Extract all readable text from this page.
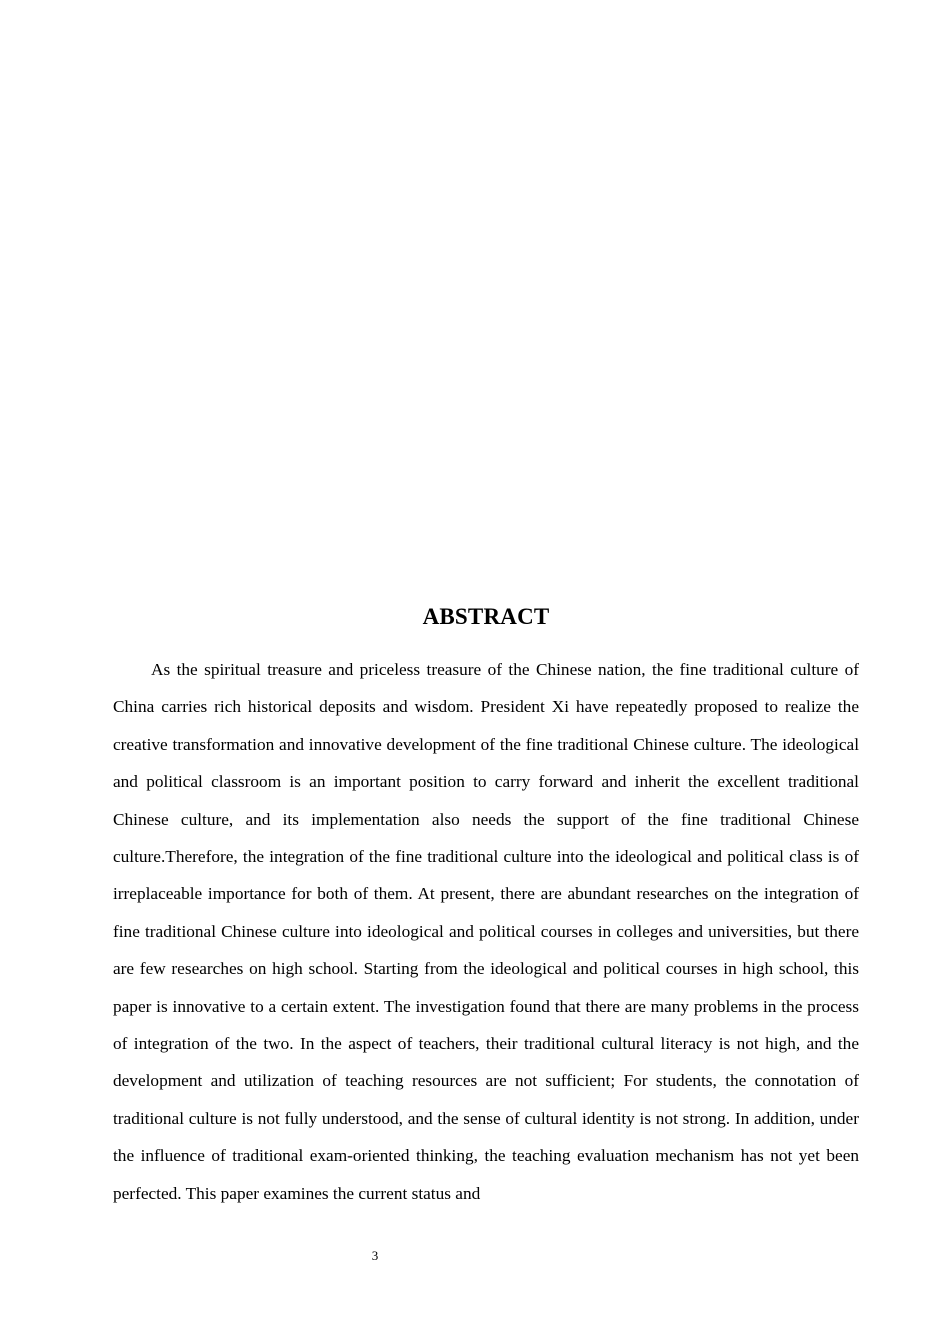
ABSTRACT

As the spiritual treasure and priceless treasure of the Chinese nation, the fine traditional culture of China carries rich historical deposits and wisdom. President Xi have repeatedly proposed to realize the creative transformation and innovative development of the fine traditional Chinese culture. The ideological and political classroom is an important position to carry forward and inherit the excellent traditional Chinese culture, and its implementation also needs the support of the fine traditional Chinese culture.Therefore, the integration of the fine traditional culture into the ideological and political class is of irreplaceable importance for both of them. At present, there are abundant researches on the integration of fine traditional Chinese culture into ideological and political courses in colleges and universities, but there are few researches on high school. Starting from the ideological and political courses in high school, this paper is innovative to a certain extent. The investigation found that there are many problems in the process of integration of the two. In the aspect of teachers, their traditional cultural literacy is not high, and the development and utilization of teaching resources are not sufficient; For students, the connotation of traditional culture is not fully understood, and the sense of cultural identity is not strong. In addition, under the influence of traditional exam-oriented thinking, the teaching evaluation mechanism has not yet been perfected. This paper examines the current status and

3
